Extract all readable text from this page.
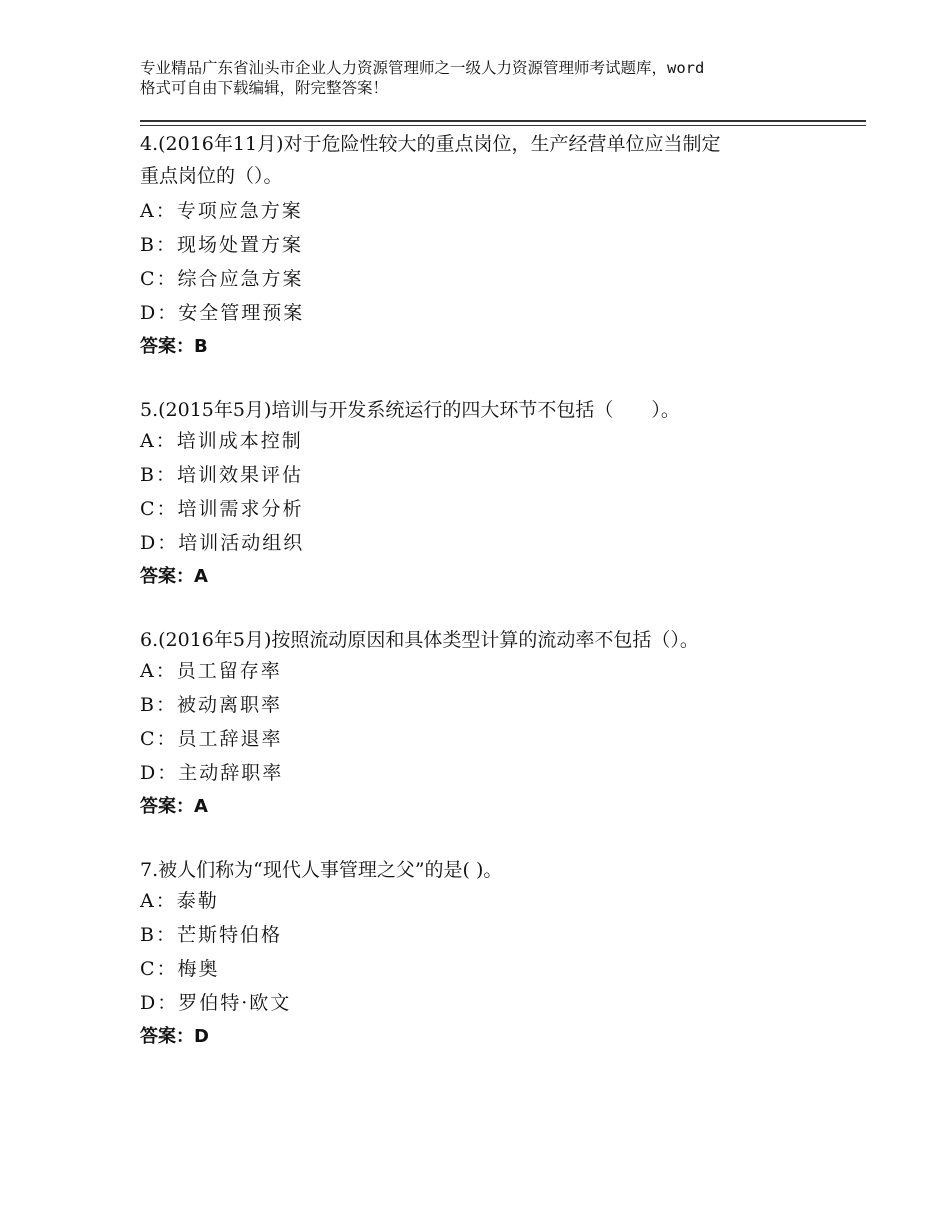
专业精品广东省汕头市企业人力资源管理师之一级人力资源管理师考试题库，word
格式可自由下载编辑，附完整答案！
4.(2016年11月)对于危险性较大的重点岗位，生产经营单位应当制定
重点岗位的（）。
A：专项应急方案
B：现场处置方案
C：综合应急方案
D：安全管理预案
答案：B
5.(2015年5月)培训与开发系统运行的四大环节不包括（　　）。
A：培训成本控制
B：培训效果评估
C：培训需求分析
D：培训活动组织
答案：A
6.(2016年5月)按照流动原因和具体类型计算的流动率不包括（）。
A：员工留存率
B：被动离职率
C：员工辞退率
D：主动辞职率
答案：A
7.被人们称为“现代人事管理之父”的是( )。
A：泰勒
B：芒斯特伯格
C：梅奥
D：罗伯特·欧文
答案：D
